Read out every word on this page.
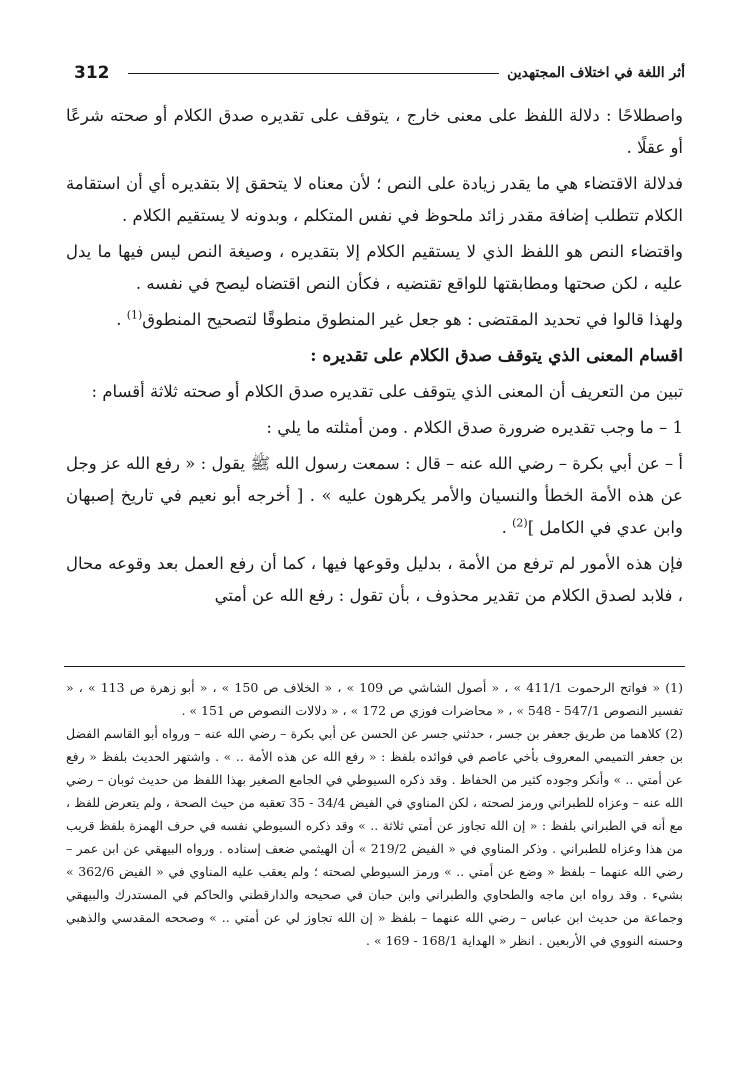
312	أثر اللغة في اختلاف المجتهدين

واصطلاحًا : دلالة اللفظ على معنى خارج ، يتوقف على تقديره صدق الكلام أو صحته شرعًا أو عقلًا .

فدلالة الاقتضاء هي ما يقدر زيادة على النص ؛ لأن معناه لا يتحقق إلا بتقديره أي أن استقامة الكلام تتطلب إضافة مقدر زائد ملحوظ في نفس المتكلم ، وبدونه لا يستقيم الكلام .

واقتضاء النص هو اللفظ الذي لا يستقيم الكلام إلا بتقديره ، وصيغة النص ليس فيها ما يدل عليه ، لكن صحتها ومطابقتها للواقع تقتضيه ، فكأن النص اقتضاه ليصح في نفسه .

ولهذا قالوا في تحديد المقتضى : هو جعل غير المنطوق منطوقًا لتصحيح المنطوق$^{(1)}$ .

اقسام المعنى الذي يتوقف صدق الكلام على تقديره :

تبين من التعريف أن المعنى الذي يتوقف على تقديره صدق الكلام أو صحته ثلاثة أقسام :

1 – ما وجب تقديره ضرورة صدق الكلام . ومن أمثلته ما يلي :

أ – عن أبي بكرة – رضي الله عنه – قال : سمعت رسول الله ﷺ يقول : « رفع الله عز وجل عن هذه الأمة الخطأ والنسيان والأمر يكرهون عليه » . [ أخرجه أبو نعيم في تاريخ إصبهان وابن عدي في الكامل ]$^{(2)}$ .

فإن هذه الأمور لم ترفع من الأمة ، بدليل وقوعها فيها ، كما أن رفع العمل بعد وقوعه محال ، فلابد لصدق الكلام من تقدير محذوف ، بأن تقول : رفع الله عن أمتي

(1) « فواتح الرحموت 411/1 » ، « أصول الشاشي ص 109 » ، « الخلاف ص 150 » ، « أبو زهرة ص 113 » ، « تفسير النصوص 547/1 - 548 » ، « محاضرات فوزي ص 172 » ، « دلالات النصوص ص 151 » .

(2) كلاهما من طريق جعفر بن جسر ، حدثني جسر عن الحسن عن أبي بكرة – رضي الله عنه – ورواه أبو القاسم الفضل بن جعفر التميمي المعروف بأخي عاصم في فوائده بلفظ : « رفع الله عن هذه الأمة .. » . واشتهر الحديث بلفظ « رفع عن أمتي .. » وأنكر وجوده كثير من الحفاظ . وقد ذكره السيوطي في الجامع الصغير بهذا اللفظ من حديث ثوبان – رضي الله عنه – وعزاه للطبراني ورمز لصحته ، لكن المناوي في الفيض 34/4 - 35 تعقبه من حيث الصحة ، ولم يتعرض للفظ ، مع أنه في الطبراني بلفظ : « إن الله تجاوز عن أمتي ثلاثة .. » وقد ذكره السيوطي نفسه في حرف الهمزة بلفظ قريب من هذا وعزاه للطبراني . وذكر المناوي في « الفيض 219/2 » أن الهيثمي ضعف إسناده . ورواه البيهقي عن ابن عمر – رضي الله عنهما – بلفظ « وضع عن أمتي .. » ورمز السيوطي لصحته ؛ ولم يعقب عليه المناوي في « الفيض 362/6 » بشيء . وقد رواه ابن ماجه والطحاوي والطبراني وابن حبان في صحيحه والدارقطني والحاكم في المستدرك والبيهقي وجماعة من حديث ابن عباس – رضي الله عنهما – بلفظ « إن الله تجاوز لي عن أمتي .. » وصححه المقدسي والذهبي وحسنه النووي في الأربعين . انظر « الهداية 168/1 - 169 » .
